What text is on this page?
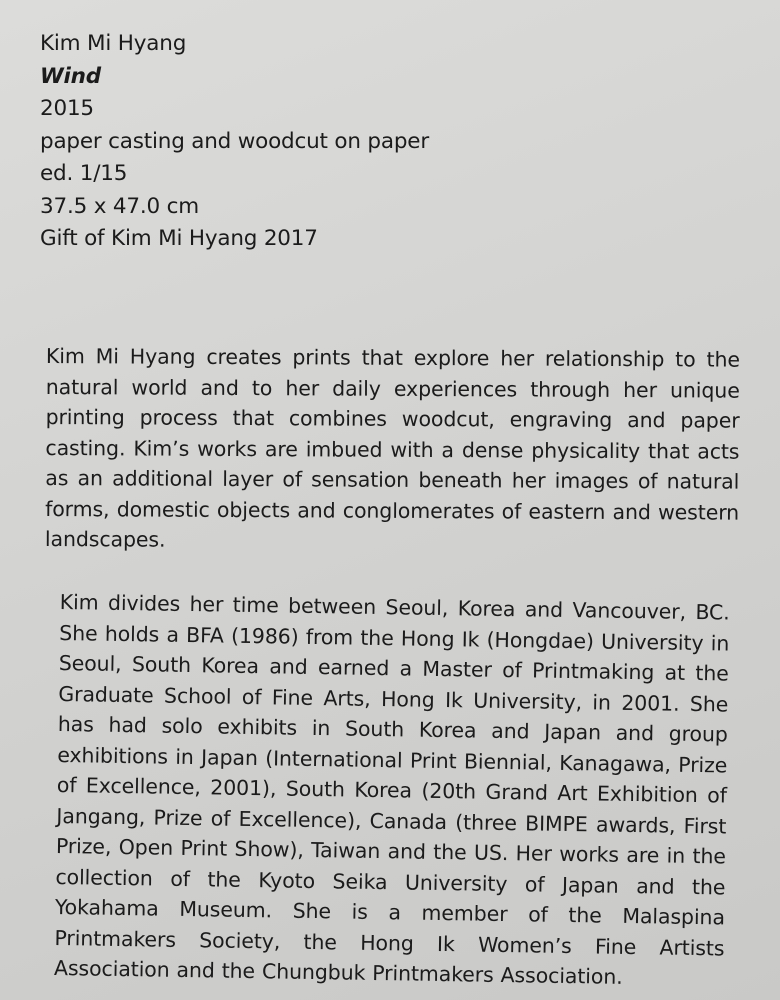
Kim Mi Hyang
Wind
2015
paper casting and woodcut on paper
ed. 1/15
37.5 x 47.0 cm
Gift of Kim Mi Hyang 2017

Kim Mi Hyang creates prints that explore her relationship to the natural world and to her daily experiences through her unique printing process that combines woodcut, engraving and paper casting. Kim’s works are imbued with a dense physicality that acts as an additional layer of sensation beneath her images of natural forms, domestic objects and conglomerates of eastern and western landscapes.

Kim divides her time between Seoul, Korea and Vancouver, BC. She holds a BFA (1986) from the Hong Ik (Hongdae) University in Seoul, South Korea and earned a Master of Printmaking at the Graduate School of Fine Arts, Hong Ik University, in 2001. She has had solo exhibits in South Korea and Japan and group exhibitions in Japan (International Print Biennial, Kanagawa, Prize of Excellence, 2001), South Korea (20th Grand Art Exhibition of Jangang, Prize of Excellence), Canada (three BIMPE awards, First Prize, Open Print Show), Taiwan and the US. Her works are in the collection of the Kyoto Seika University of Japan and the Yokahama Museum. She is a member of the Malaspina Printmakers Society, the Hong Ik Women’s Fine Artists Association and the Chungbuk Printmakers Association.
